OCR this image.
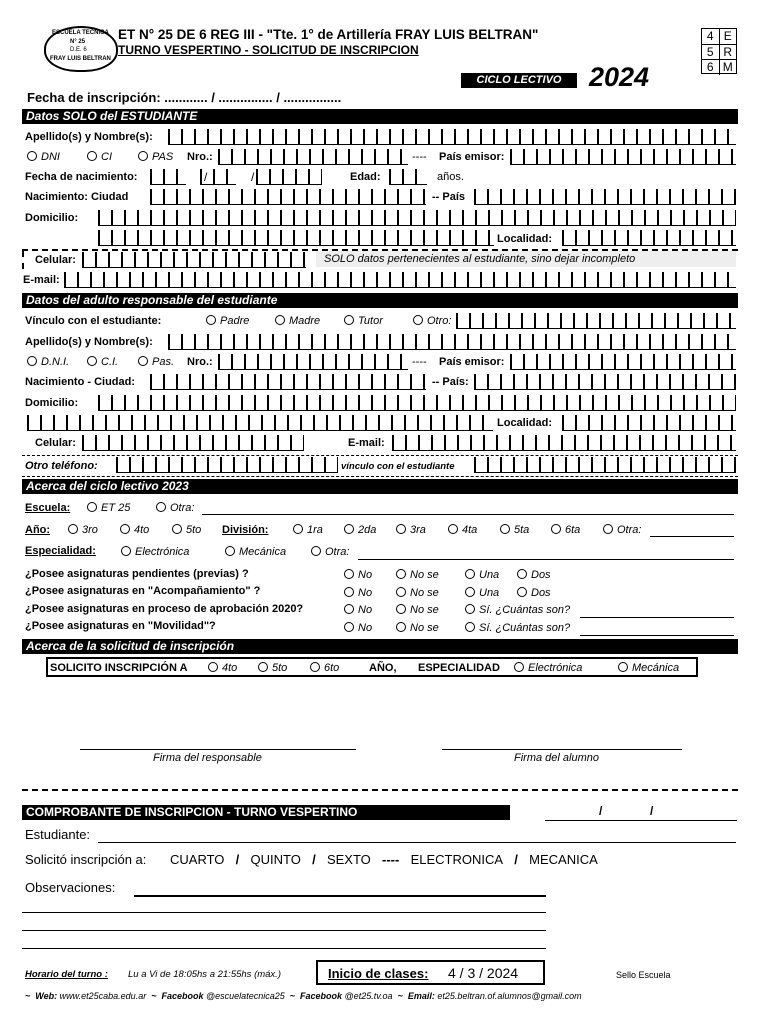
ESCUELA TECNICA
N° 25
D.E. 6
FRAY LUIS BELTRAN
ET N° 25 DE 6 REG III - "Tte. 1° de Artillería FRAY LUIS BELTRAN"
TURNO VESPERTINO - SOLICITUD DE INSCRIPCION
4 E
5 R
6 M
CICLO LECTIVO	2024
Fecha de inscripción: ............ / ............... / ................
Datos SOLO del ESTUDIANTE
Apellido(s) y Nombre(s):
DNI	CI	PAS Nro.:	---- País emisor:
Fecha de nacimiento:	/	/	Edad:	años.
Nacimiento: Ciudad	-- País
Domicilio:
Localidad:
Celular:	SOLO datos pertenecientes al estudiante, sino dejar incompleto
E-mail:
Datos del adulto responsable del estudiante
Vínculo con el estudiante:	Padre	Madre	Tutor	Otro:
Apellido(s) y Nombre(s):
D.N.I.	C.I.	Pas. Nro.:	---- País emisor:
Nacimiento - Ciudad:	-- País:
Domicilio:
Localidad:
Celular:	E-mail:
Otro teléfono:	vínculo con el estudiante
Acerca del ciclo lectivo 2023
Escuela:	ET 25	Otra:
Año:	3ro	4to	5to División:	1ra	2da	3ra	4ta	5ta	6ta	Otra:
Especialidad:	Electrónica	Mecánica	Otra:
¿Posee asignaturas pendientes (previas) ?	No	No se	Una	Dos
¿Posee asignaturas en "Acompañamiento" ?	No	No se	Una	Dos
¿Posee asignaturas en proceso de aprobación 2020?	No	No se	Sí. ¿Cuántas son?
¿Posee asignaturas en "Movilidad"?	No	No se	Sí. ¿Cuántas son?
Acerca de la solicitud de inscripción
SOLICITO INSCRIPCIÓN A	4to	5to	6to	AÑO, ESPECIALIDAD	Electrónica	Mecánica
Firma del responsable	Firma del alumno
COMPROBANTE DE INSCRIPCION - TURNO VESPERTINO	/	/
Estudiante:
Solicitó inscripción a: CUARTO / QUINTO / SEXTO ---- ELECTRONICA / MECANICA
Observaciones:
Horario del turno : Lu a Vi de 18:05hs a 21:55hs (máx.)	Inicio de clases: 4 / 3 / 2024	Sello Escuela
~ Web: www.et25caba.edu.ar ~ Facebook @escuelatecnica25 ~ Facebook @et25.tv.oa ~ Email: et25.beltran.of.alumnos@gmail.com
